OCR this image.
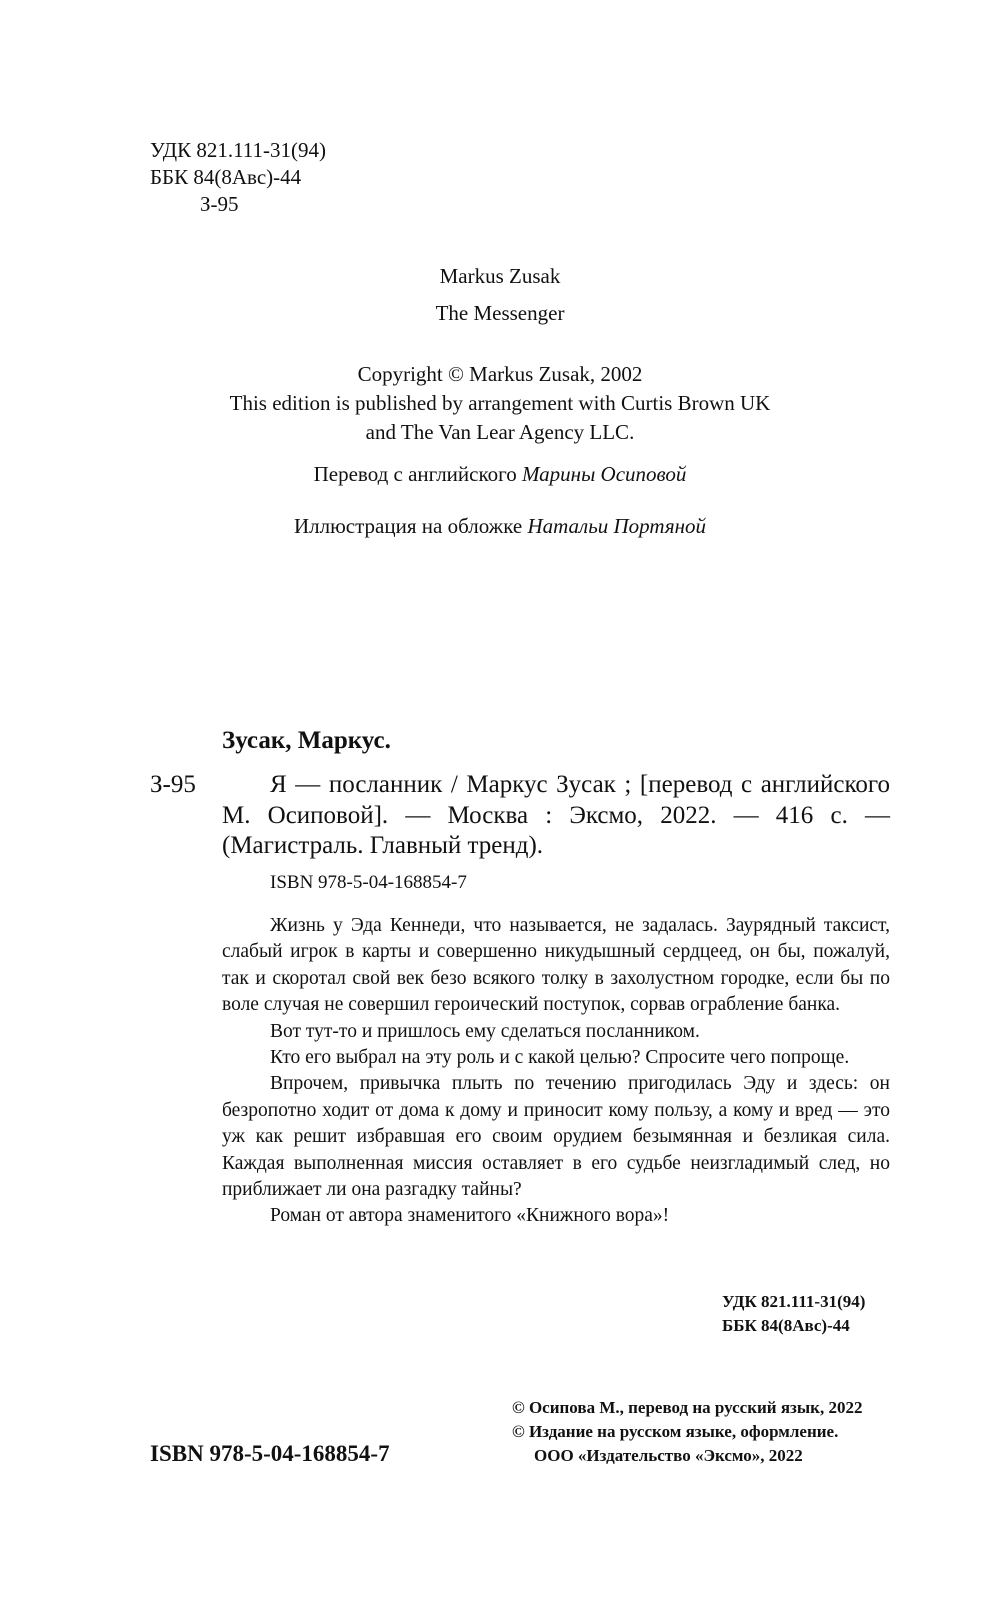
УДК 821.111-31(94)
ББК 84(8Авс)-44
З-95
Markus Zusak
The Messenger
Copyright © Markus Zusak, 2002
This edition is published by arrangement with Curtis Brown UK
and The Van Lear Agency LLC.
Перевод с английского Марины Осиповой
Иллюстрация на обложке Натальи Портяной
Зусак, Маркус.
З-95	Я — посланник / Маркус Зусак ; [перевод с английского М. Осиповой]. — Москва : Эксмо, 2022. — 416 с. — (Магистраль. Главный тренд).
ISBN 978-5-04-168854-7

Жизнь у Эда Кеннеди, что называется, не задалась. Заурядный таксист, слабый игрок в карты и совершенно никудышный сердцеед, он бы, пожалуй, так и скоротал свой век безо всякого толку в захолустном городке, если бы по воле случая не совершил героический поступок, сорвав ограбление банка.

Вот тут-то и пришлось ему сделаться посланником.

Кто его выбрал на эту роль и с какой целью? Спросите чего попроще.

Впрочем, привычка плыть по течению пригодилась Эду и здесь: он безропотно ходит от дома к дому и приносит кому пользу, а кому и вред — это уж как решит избравшая его своим орудием безымянная и безликая сила. Каждая выполненная миссия оставляет в его судьбе неизгладимый след, но приближает ли она разгадку тайны?

Роман от автора знаменитого «Книжного вора»!

УДК 821.111-31(94)
ББК 84(8Авс)-44
© Осипова М., перевод на русский язык, 2022
© Издание на русском языке, оформление.
ООО «Издательство «Эксмо», 2022
ISBN 978-5-04-168854-7
